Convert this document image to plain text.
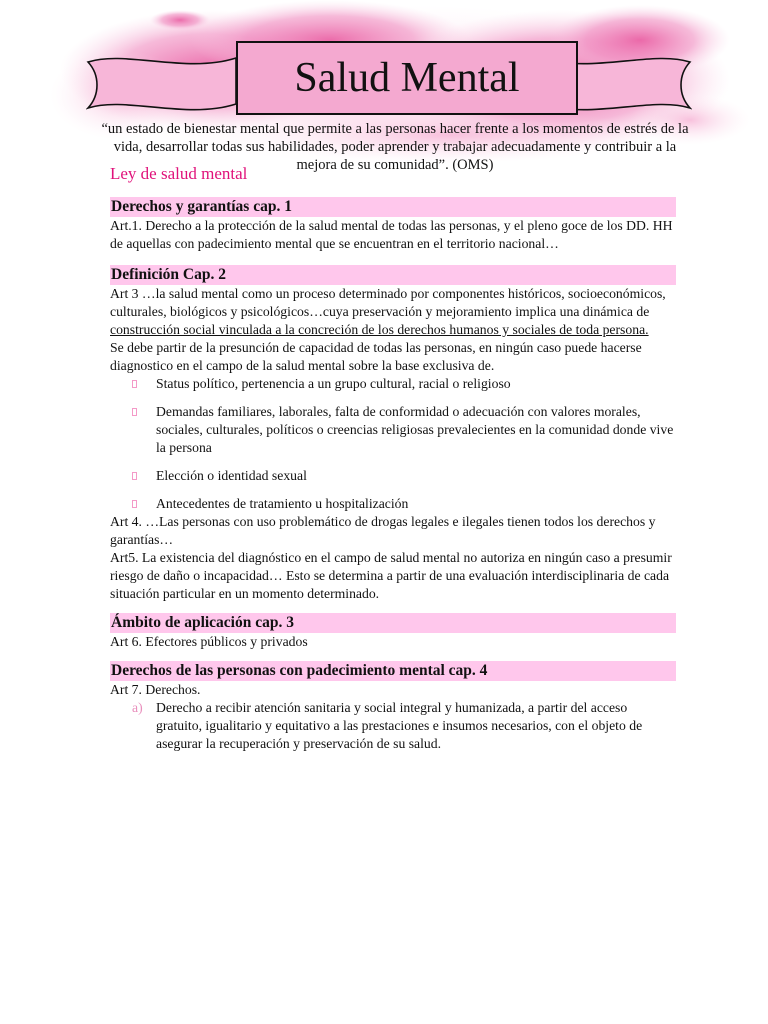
Salud Mental
“un estado de bienestar mental que permite a las personas hacer frente a los momentos de estrés de la vida, desarrollar todas sus habilidades, poder aprender y trabajar adecuadamente y contribuir a la mejora de su comunidad”. (OMS)
Ley de salud mental
Derechos y garantías cap. 1

Art.1. Derecho a la protección de la salud mental de todas las personas, y el pleno goce de los DD. HH de aquellas con padecimiento mental que se encuentran en el territorio nacional…

Definición Cap. 2

Art 3 …la salud mental como un proceso determinado por componentes históricos, socioeconómicos, culturales, biológicos y psicológicos…cuya preservación y mejoramiento implica una dinámica de construcción social vinculada a la concreción de los derechos humanos y sociales de toda persona.

Se debe partir de la presunción de capacidad de todas las personas, en ningún caso puede hacerse diagnostico en el campo de la salud mental sobre la base exclusiva de.

Status político, pertenencia a un grupo cultural, racial o religioso
Demandas familiares, laborales, falta de conformidad o adecuación con valores morales, sociales, culturales, políticos o creencias religiosas prevalecientes en la comunidad donde vive la persona
Elección o identidad sexual
Antecedentes de tratamiento u hospitalización

Art 4. …Las personas con uso problemático de drogas legales e ilegales tienen todos los derechos y garantías…

Art5. La existencia del diagnóstico en el campo de salud mental no autoriza en ningún caso a presumir riesgo de daño o incapacidad… Esto se determina a partir de una evaluación interdisciplinaria de cada situación particular en un momento determinado.

Ámbito de aplicación cap. 3

Art 6. Efectores públicos y privados

Derechos de las personas con padecimiento mental cap. 4

Art 7. Derechos.

a) Derecho a recibir atención sanitaria y social integral y humanizada, a partir del acceso gratuito, igualitario y equitativo a las prestaciones e insumos necesarios, con el objeto de asegurar la recuperación y preservación de su salud.
